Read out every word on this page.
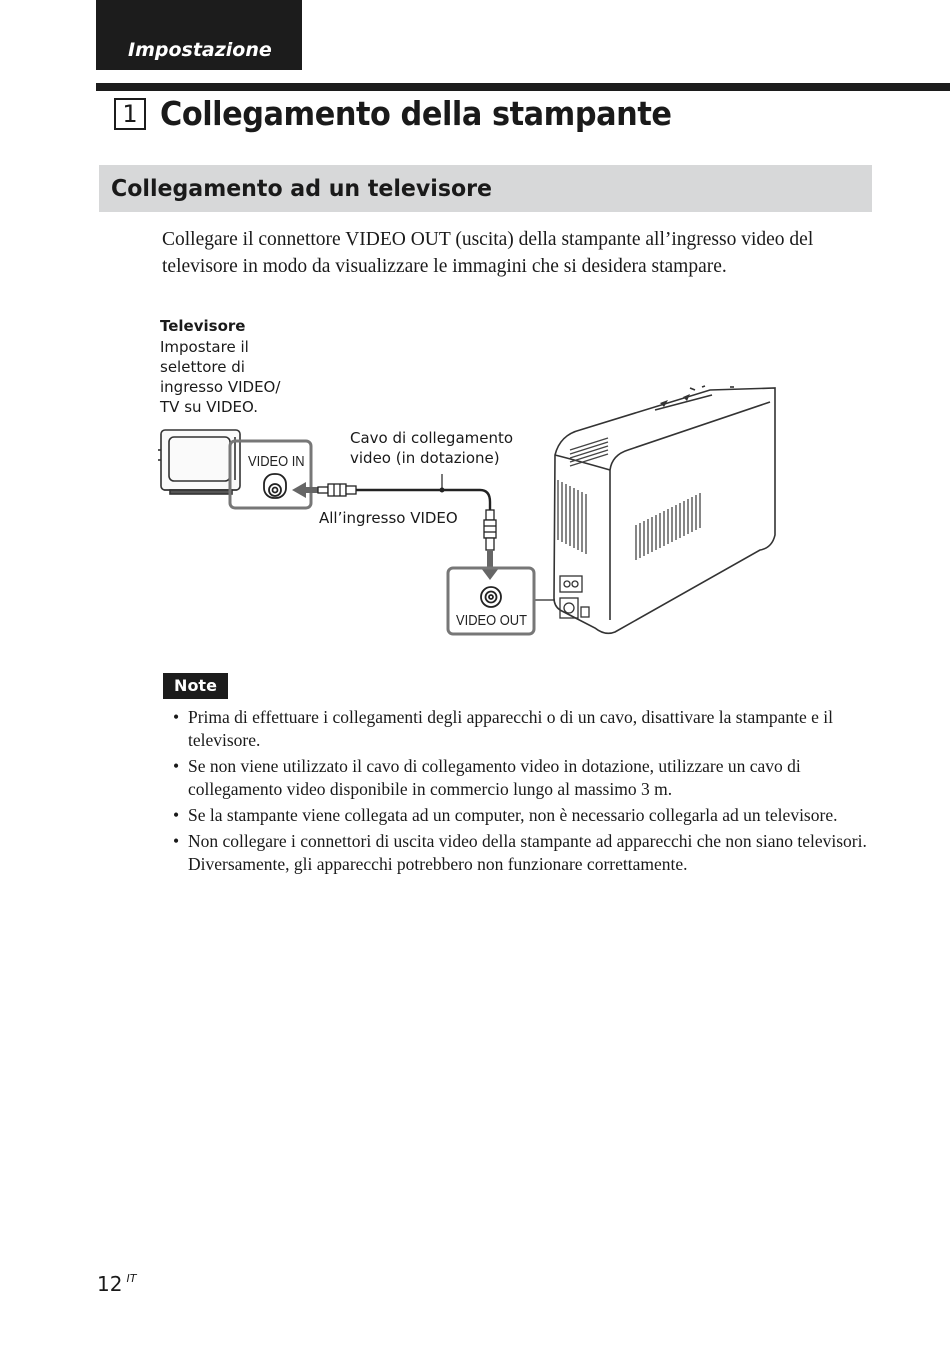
Impostazione
1 Collegamento della stampante
Collegamento ad un televisore

Collegare il connettore VIDEO OUT (uscita) della stampante all’ingresso video del televisore in modo da visualizzare le immagini che si desidera stampare.

Televisore
Impostare il
selettore di
ingresso VIDEO/
TV su VIDEO.
Cavo di collegamento
video (in dotazione)
All’ingresso VIDEO
VIDEO IN
VIDEO OUT
Note
• Prima di effettuare i collegamenti degli apparecchi o di un cavo, disattivare la stampante e il televisore.
• Se non viene utilizzato il cavo di collegamento video in dotazione, utilizzare un cavo di collegamento video disponibile in commercio lungo al massimo 3 m.
• Se la stampante viene collegata ad un computer, non è necessario collegarla ad un televisore.
• Non collegare i connettori di uscita video della stampante ad apparecchi che non siano televisori. Diversamente, gli apparecchi potrebbero non funzionare correttamente.
12 $^{IT}$
